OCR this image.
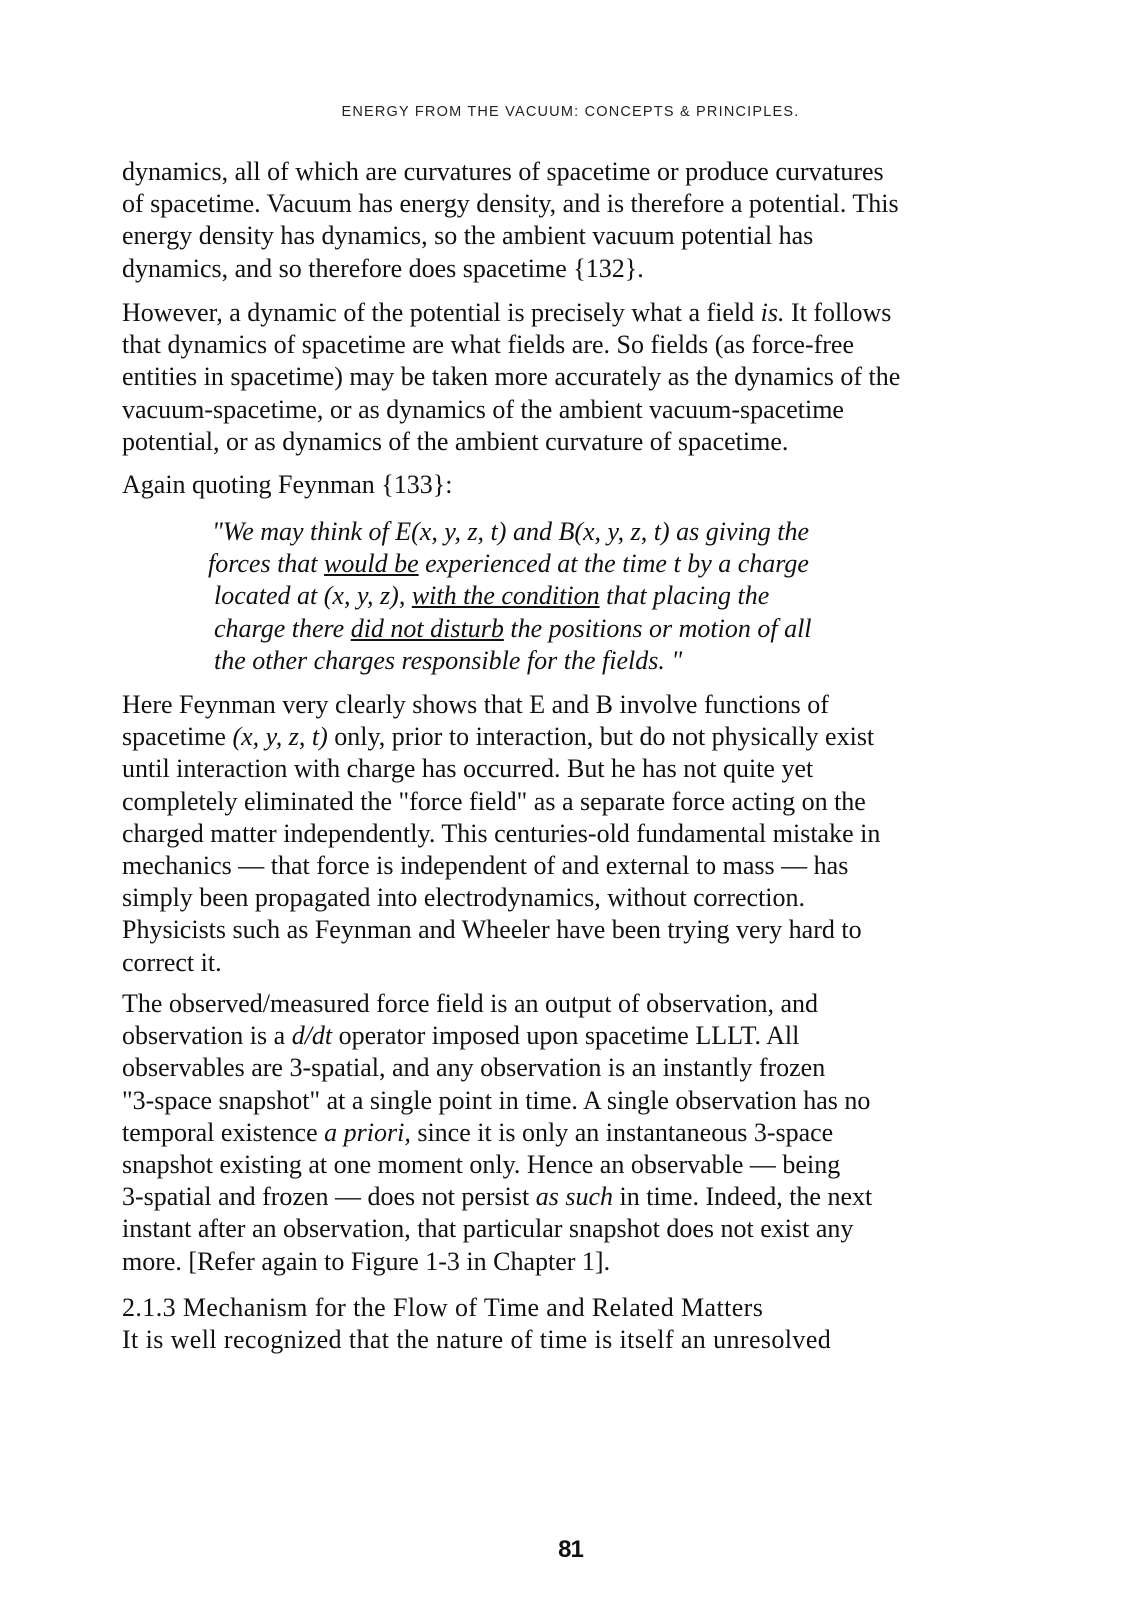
ENERGY FROM THE VACUUM: CONCEPTS & PRINCIPLES.

dynamics, all of which are curvatures of spacetime or produce curvatures
of spacetime. Vacuum has energy density, and is therefore a potential. This
energy density has dynamics, so the ambient vacuum potential has
dynamics, and so therefore does spacetime {132}.

However, a dynamic of the potential is precisely what a field is. It follows
that dynamics of spacetime are what fields are. So fields (as force-free
entities in spacetime) may be taken more accurately as the dynamics of the
vacuum-spacetime, or as dynamics of the ambient vacuum-spacetime
potential, or as dynamics of the ambient curvature of spacetime.

Again quoting Feynman {133}:

"We may think of E(x, y, z, t) and B(x, y, z, t) as giving the
forces that would be experienced at the time t by a charge
located at (x, y, z), with the condition that placing the
charge there did not disturb the positions or motion of all
the other charges responsible for the fields. "

Here Feynman very clearly shows that E and B involve functions of
spacetime (x, y, z, t) only, prior to interaction, but do not physically exist
until interaction with charge has occurred. But he has not quite yet
completely eliminated the "force field" as a separate force acting on the
charged matter independently. This centuries-old fundamental mistake in
mechanics — that force is independent of and external to mass — has
simply been propagated into electrodynamics, without correction.
Physicists such as Feynman and Wheeler have been trying very hard to
correct it.

The observed/measured force field is an output of observation, and
observation is a d/dt operator imposed upon spacetime LLLT. All
observables are 3-spatial, and any observation is an instantly frozen
"3-space snapshot" at a single point in time. A single observation has no
temporal existence a priori, since it is only an instantaneous 3-space
snapshot existing at one moment only. Hence an observable — being
3-spatial and frozen — does not persist as such in time. Indeed, the next
instant after an observation, that particular snapshot does not exist any
more. [Refer again to Figure 1-3 in Chapter 1].

2.1.3 Mechanism for the Flow of Time and Related Matters
It is well recognized that the nature of time is itself an unresolved

81
